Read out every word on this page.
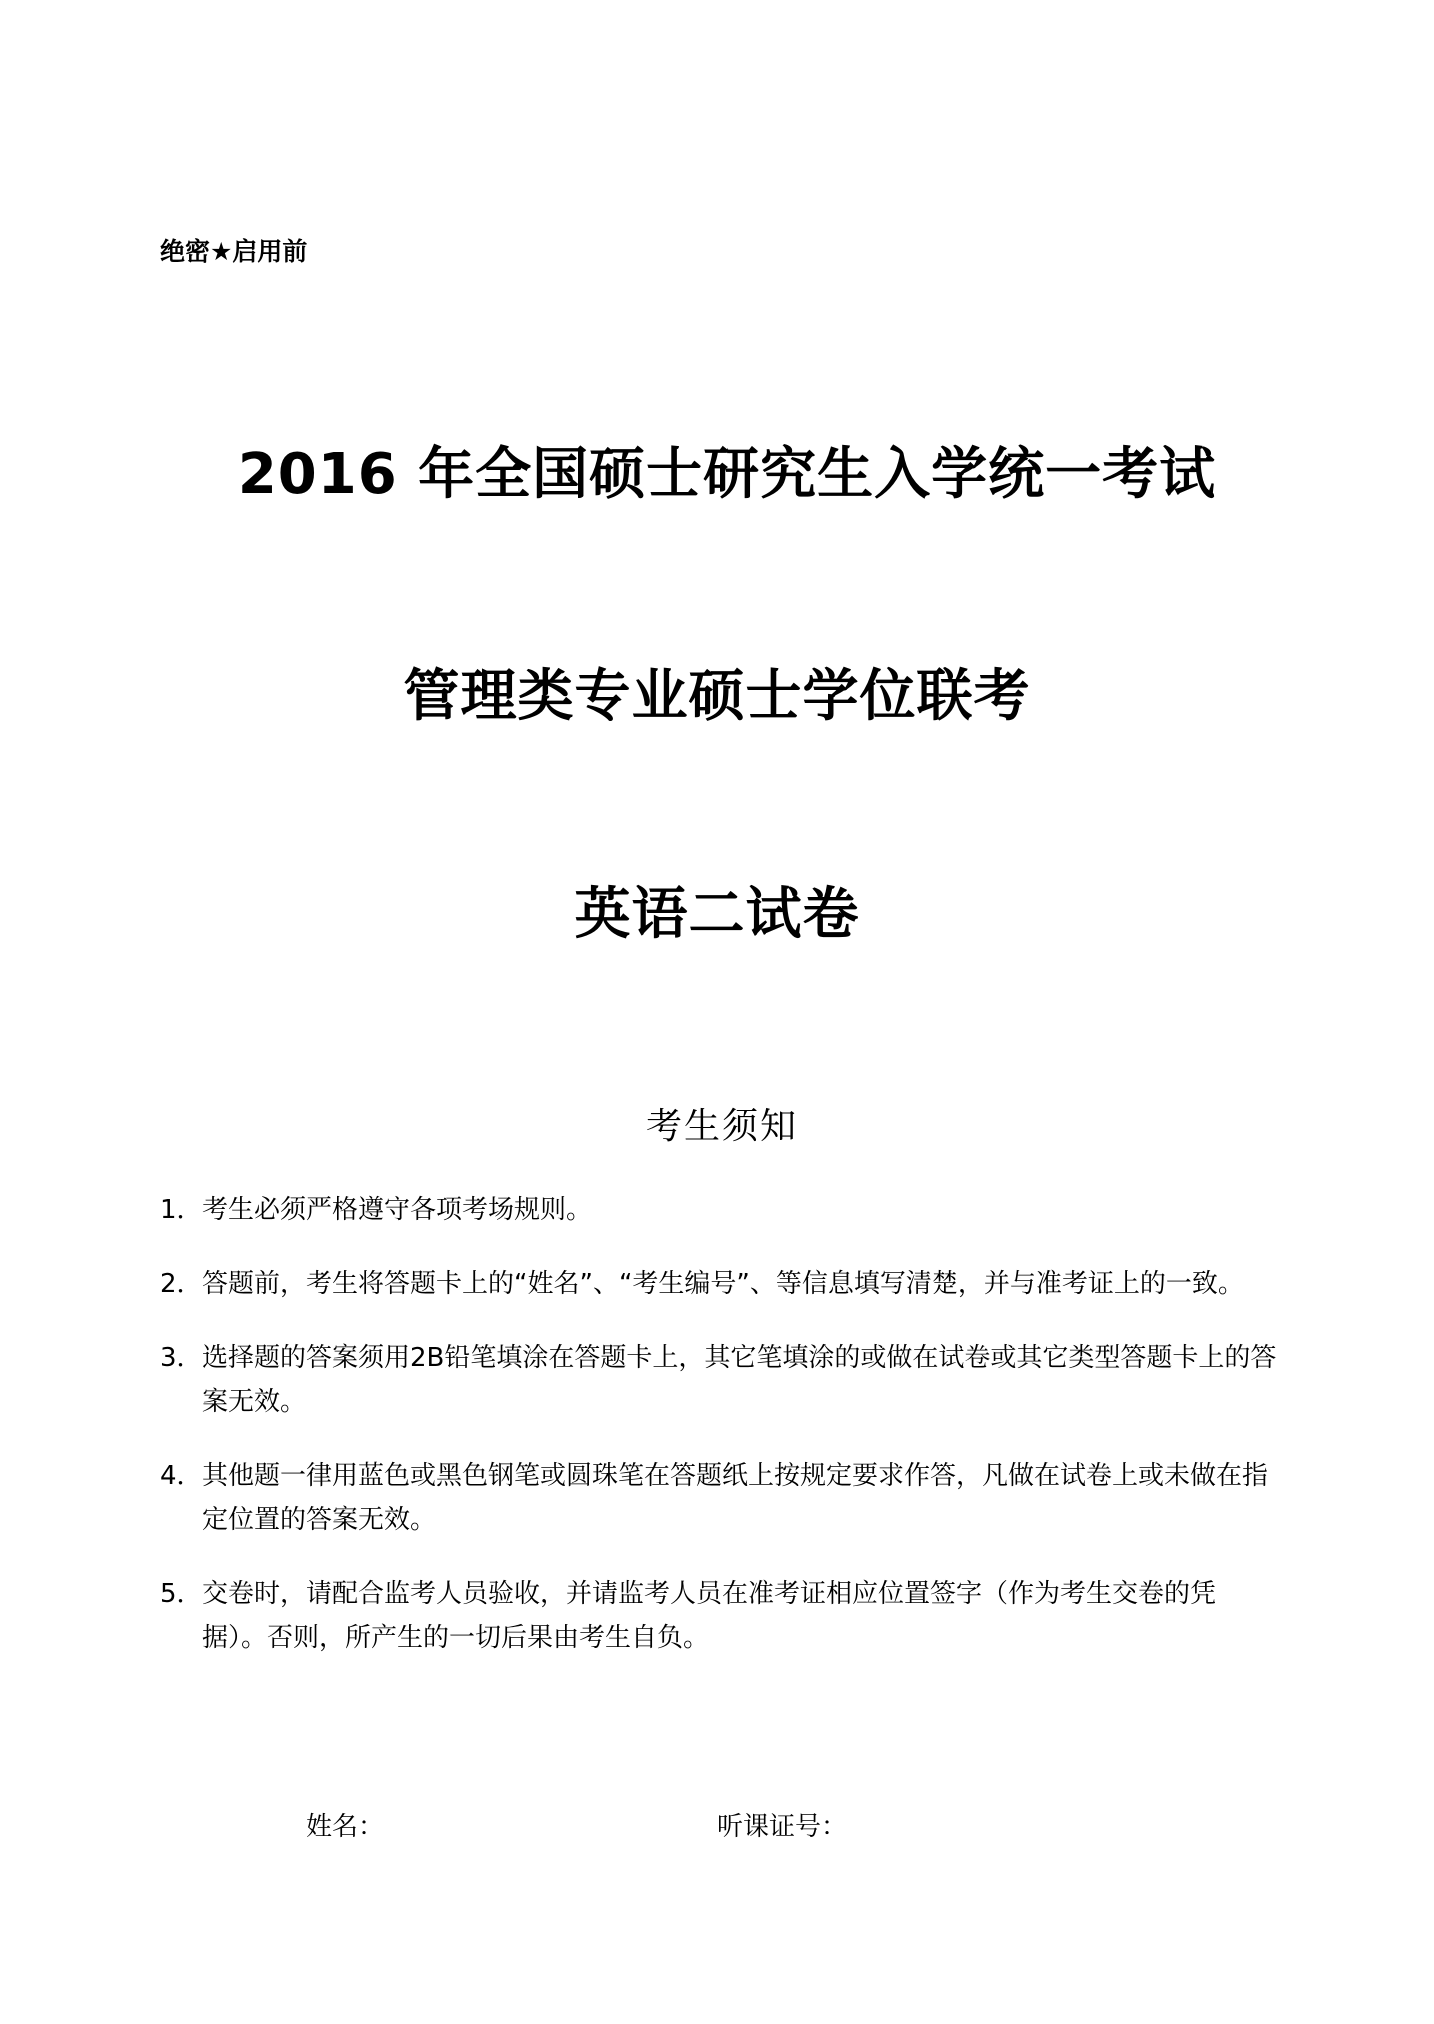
绝密★启用前
2016 年全国硕士研究生入学统一考试
管理类专业硕士学位联考
英语二试卷
考生须知
1． 考生必须严格遵守各项考场规则。
2． 答题前，考生将答题卡上的“姓名”、“考生编号”、等信息填写清楚，并与准考证上的一致。
3． 选择题的答案须用2B铅笔填涂在答题卡上，其它笔填涂的或做在试卷或其它类型答题卡上的答案无效。
4． 其他题一律用蓝色或黑色钢笔或圆珠笔在答题纸上按规定要求作答，凡做在试卷上或未做在指定位置的答案无效。
5． 交卷时，请配合监考人员验收，并请监考人员在准考证相应位置签字（作为考生交卷的凭据）。否则，所产生的一切后果由考生自负。
姓名：	听课证号：
